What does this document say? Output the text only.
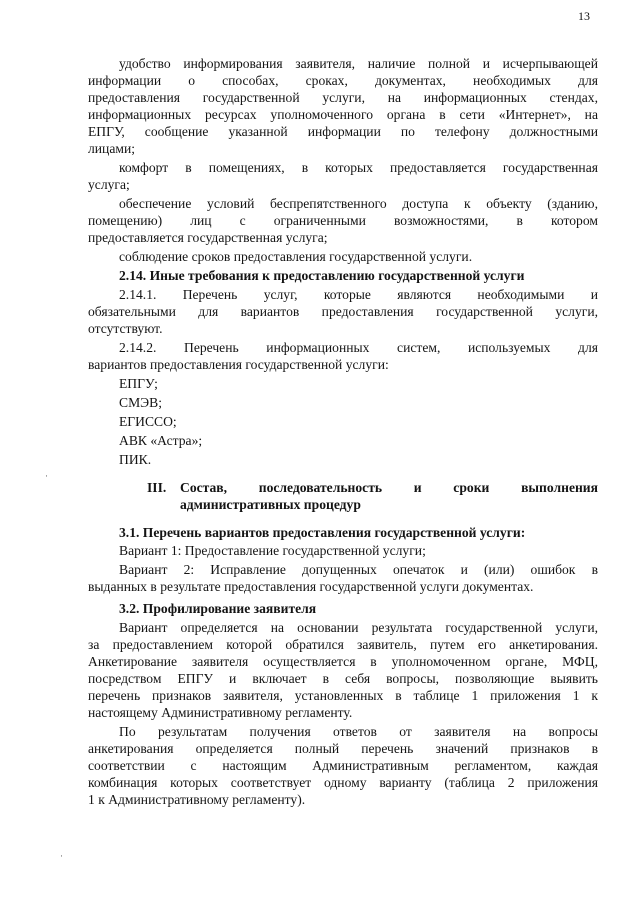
13
удобство информирования заявителя, наличие полной и исчерпывающей
информации о способах, сроках, документах, необходимых для
предоставления государственной услуги, на информационных стендах,
информационных ресурсах уполномоченного органа в сети «Интернет», на
ЕПГУ, сообщение указанной информации по телефону должностными
лицами;
комфорт в помещениях, в которых предоставляется государственная
услуга;
обеспечение условий беспрепятственного доступа к объекту (зданию,
помещению) лиц с ограниченными возможностями, в котором
предоставляется государственная услуга;
соблюдение сроков предоставления государственной услуги.
2.14. Иные требования к предоставлению государственной услуги
2.14.1. Перечень услуг, которые являются необходимыми и
обязательными для вариантов предоставления государственной услуги,
отсутствуют.
2.14.2. Перечень информационных систем, используемых для
вариантов предоставления государственной услуги:
ЕПГУ;
СМЭВ;
ЕГИССО;
АВК «Астра»;
ПИК.
III. Состав, последовательность и сроки выполнения
административных процедур
3.1. Перечень вариантов предоставления государственной услуги:
Вариант 1: Предоставление государственной услуги;
Вариант 2: Исправление допущенных опечаток и (или) ошибок в
выданных в результате предоставления государственной услуги документах.
3.2. Профилирование заявителя
Вариант определяется на основании результата государственной услуги,
за предоставлением которой обратился заявитель, путем его анкетирования.
Анкетирование заявителя осуществляется в уполномоченном органе, МФЦ,
посредством ЕПГУ и включает в себя вопросы, позволяющие выявить
перечень признаков заявителя, установленных в таблице 1 приложения 1 к
настоящему Административному регламенту.
По результатам получения ответов от заявителя на вопросы
анкетирования определяется полный перечень значений признаков в
соответствии с настоящим Административным регламентом, каждая
комбинация которых соответствует одному варианту (таблица 2 приложения
1 к Административному регламенту).
·
·
